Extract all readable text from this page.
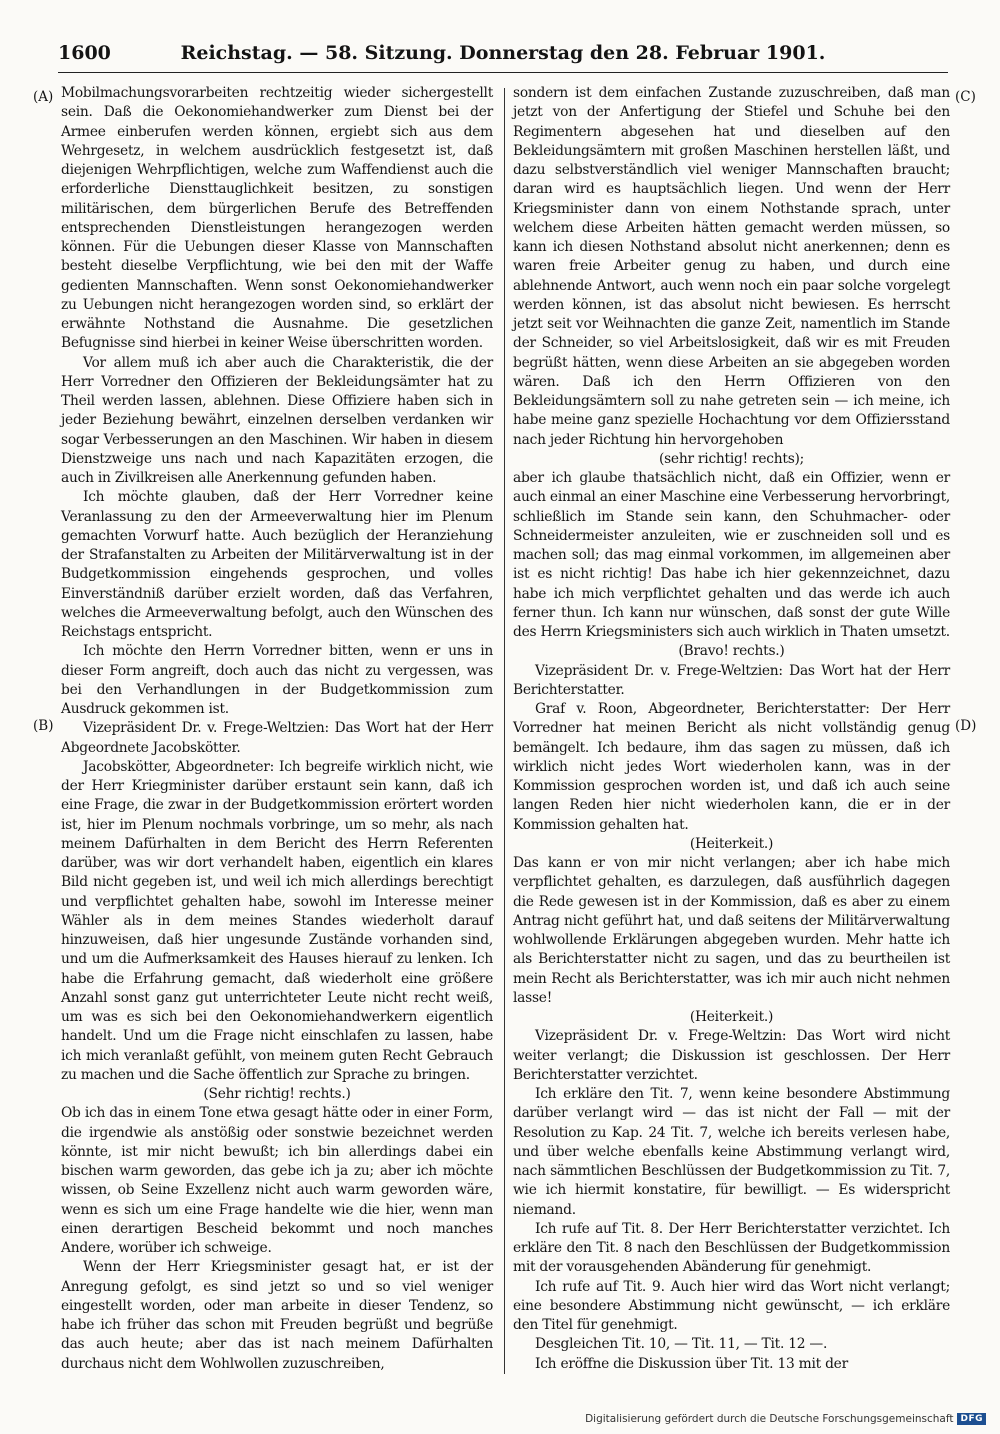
1600	Reichstag. — 58. Sitzung. Donnerstag den 28. Februar 1901.
(A)
(B)
(C)
(D)

Mobilmachungsvorarbeiten rechtzeitig wieder sichergestellt sein. Daß die Oekonomiehandwerker zum Dienst bei der Armee einberufen werden können, ergiebt sich aus dem Wehrgesetz, in welchem ausdrücklich festgesetzt ist, daß diejenigen Wehrpflichtigen, welche zum Waffendienst auch die erforderliche Diensttauglichkeit besitzen, zu sonstigen militärischen, dem bürgerlichen Berufe des Betreffenden entsprechenden Dienstleistungen herangezogen werden können. Für die Uebungen dieser Klasse von Mannschaften besteht dieselbe Verpflichtung, wie bei den mit der Waffe gedienten Mannschaften. Wenn sonst Oekonomiehandwerker zu Uebungen nicht herangezogen worden sind, so erklärt der erwähnte Nothstand die Ausnahme. Die gesetzlichen Befugnisse sind hierbei in keiner Weise überschritten worden.

Vor allem muß ich aber auch die Charakteristik, die der Herr Vorredner den Offizieren der Bekleidungsämter hat zu Theil werden lassen, ablehnen. Diese Offiziere haben sich in jeder Beziehung bewährt, einzelnen derselben verdanken wir sogar Verbesserungen an den Maschinen. Wir haben in diesem Dienstzweige uns nach und nach Kapazitäten erzogen, die auch in Zivilkreisen alle Anerkennung gefunden haben.

Ich möchte glauben, daß der Herr Vorredner keine Veranlassung zu den der Armeeverwaltung hier im Plenum gemachten Vorwurf hatte. Auch bezüglich der Heranziehung der Strafanstalten zu Arbeiten der Militärverwaltung ist in der Budgetkommission eingehends gesprochen, und volles Einverständniß darüber erzielt worden, daß das Verfahren, welches die Armeeverwaltung befolgt, auch den Wünschen des Reichstags entspricht.

Ich möchte den Herrn Vorredner bitten, wenn er uns in dieser Form angreift, doch auch das nicht zu vergessen, was bei den Verhandlungen in der Budgetkommission zum Ausdruck gekommen ist.

Vizepräsident Dr. v. Frege-Weltzien: Das Wort hat der Herr Abgeordnete Jacobskötter.

Jacobskötter, Abgeordneter: Ich begreife wirklich nicht, wie der Herr Kriegminister darüber erstaunt sein kann, daß ich eine Frage, die zwar in der Budgetkommission erörtert worden ist, hier im Plenum nochmals vorbringe, um so mehr, als nach meinem Dafürhalten in dem Bericht des Herrn Referenten darüber, was wir dort verhandelt haben, eigentlich ein klares Bild nicht gegeben ist, und weil ich mich allerdings berechtigt und verpflichtet gehalten habe, sowohl im Interesse meiner Wähler als in dem meines Standes wiederholt darauf hinzuweisen, daß hier ungesunde Zustände vorhanden sind, und um die Aufmerksamkeit des Hauses hierauf zu lenken. Ich habe die Erfahrung gemacht, daß wiederholt eine größere Anzahl sonst ganz gut unterrichteter Leute nicht recht weiß, um was es sich bei den Oekonomiehandwerkern eigentlich handelt. Und um die Frage nicht einschlafen zu lassen, habe ich mich veranlaßt gefühlt, von meinem guten Recht Gebrauch zu machen und die Sache öffentlich zur Sprache zu bringen.

(Sehr richtig! rechts.)

Ob ich das in einem Tone etwa gesagt hätte oder in einer Form, die irgendwie als anstößig oder sonstwie bezeichnet werden könnte, ist mir nicht bewußt; ich bin allerdings dabei ein bischen warm geworden, das gebe ich ja zu; aber ich möchte wissen, ob Seine Exzellenz nicht auch warm geworden wäre, wenn es sich um eine Frage handelte wie die hier, wenn man einen derartigen Bescheid bekommt und noch manches Andere, worüber ich schweige.

Wenn der Herr Kriegsminister gesagt hat, er ist der Anregung gefolgt, es sind jetzt so und so viel weniger eingestellt worden, oder man arbeite in dieser Tendenz, so habe ich früher das schon mit Freuden begrüßt und begrüße das auch heute; aber das ist nach meinem Dafürhalten durchaus nicht dem Wohlwollen zuzuschreiben,

sondern ist dem einfachen Zustande zuzuschreiben, daß man jetzt von der Anfertigung der Stiefel und Schuhe bei den Regimentern abgesehen hat und dieselben auf den Bekleidungsämtern mit großen Maschinen herstellen läßt, und dazu selbstverständlich viel weniger Mannschaften braucht; daran wird es hauptsächlich liegen. Und wenn der Herr Kriegsminister dann von einem Nothstande sprach, unter welchem diese Arbeiten hätten gemacht werden müssen, so kann ich diesen Nothstand absolut nicht anerkennen; denn es waren freie Arbeiter genug zu haben, und durch eine ablehnende Antwort, auch wenn noch ein paar solche vorgelegt werden können, ist das absolut nicht bewiesen. Es herrscht jetzt seit vor Weihnachten die ganze Zeit, namentlich im Stande der Schneider, so viel Arbeitslosigkeit, daß wir es mit Freuden begrüßt hätten, wenn diese Arbeiten an sie abgegeben worden wären. Daß ich den Herrn Offizieren von den Bekleidungsämtern soll zu nahe getreten sein — ich meine, ich habe meine ganz spezielle Hochachtung vor dem Offiziersstand nach jeder Richtung hin hervorgehoben

(sehr richtig! rechts);

aber ich glaube thatsächlich nicht, daß ein Offizier, wenn er auch einmal an einer Maschine eine Verbesserung hervorbringt, schließlich im Stande sein kann, den Schuhmacher- oder Schneidermeister anzuleiten, wie er zuschneiden soll und es machen soll; das mag einmal vorkommen, im allgemeinen aber ist es nicht richtig! Das habe ich hier gekennzeichnet, dazu habe ich mich verpflichtet gehalten und das werde ich auch ferner thun. Ich kann nur wünschen, daß sonst der gute Wille des Herrn Kriegsministers sich auch wirklich in Thaten umsetzt.

(Bravo! rechts.)

Vizepräsident Dr. v. Frege-Weltzien: Das Wort hat der Herr Berichterstatter.

Graf v. Roon, Abgeordneter, Berichterstatter: Der Herr Vorredner hat meinen Bericht als nicht vollständig genug bemängelt. Ich bedaure, ihm das sagen zu müssen, daß ich wirklich nicht jedes Wort wiederholen kann, was in der Kommission gesprochen worden ist, und daß ich auch seine langen Reden hier nicht wiederholen kann, die er in der Kommission gehalten hat.

(Heiterkeit.)

Das kann er von mir nicht verlangen; aber ich habe mich verpflichtet gehalten, es darzulegen, daß ausführlich dagegen die Rede gewesen ist in der Kommission, daß es aber zu einem Antrag nicht geführt hat, und daß seitens der Militärverwaltung wohlwollende Erklärungen abgegeben wurden. Mehr hatte ich als Berichterstatter nicht zu sagen, und das zu beurtheilen ist mein Recht als Berichterstatter, was ich mir auch nicht nehmen lasse!

(Heiterkeit.)

Vizepräsident Dr. v. Frege-Weltzin: Das Wort wird nicht weiter verlangt; die Diskussion ist geschlossen. Der Herr Berichterstatter verzichtet.

Ich erkläre den Tit. 7, wenn keine besondere Abstimmung darüber verlangt wird — das ist nicht der Fall — mit der Resolution zu Kap. 24 Tit. 7, welche ich bereits verlesen habe, und über welche ebenfalls keine Abstimmung verlangt wird, nach sämmtlichen Beschlüssen der Budgetkommission zu Tit. 7, wie ich hiermit konstatire, für bewilligt. — Es widerspricht niemand.

Ich rufe auf Tit. 8. Der Herr Berichterstatter verzichtet. Ich erkläre den Tit. 8 nach den Beschlüssen der Budgetkommission mit der vorausgehenden Abänderung für genehmigt.

Ich rufe auf Tit. 9. Auch hier wird das Wort nicht verlangt; eine besondere Abstimmung nicht gewünscht, — ich erkläre den Titel für genehmigt.

Desgleichen Tit. 10, — Tit. 11, — Tit. 12 —.

Ich eröffne die Diskussion über Tit. 13 mit der

Digitalisierung gefördert durch die Deutsche Forschungsgemeinschaft DFG
